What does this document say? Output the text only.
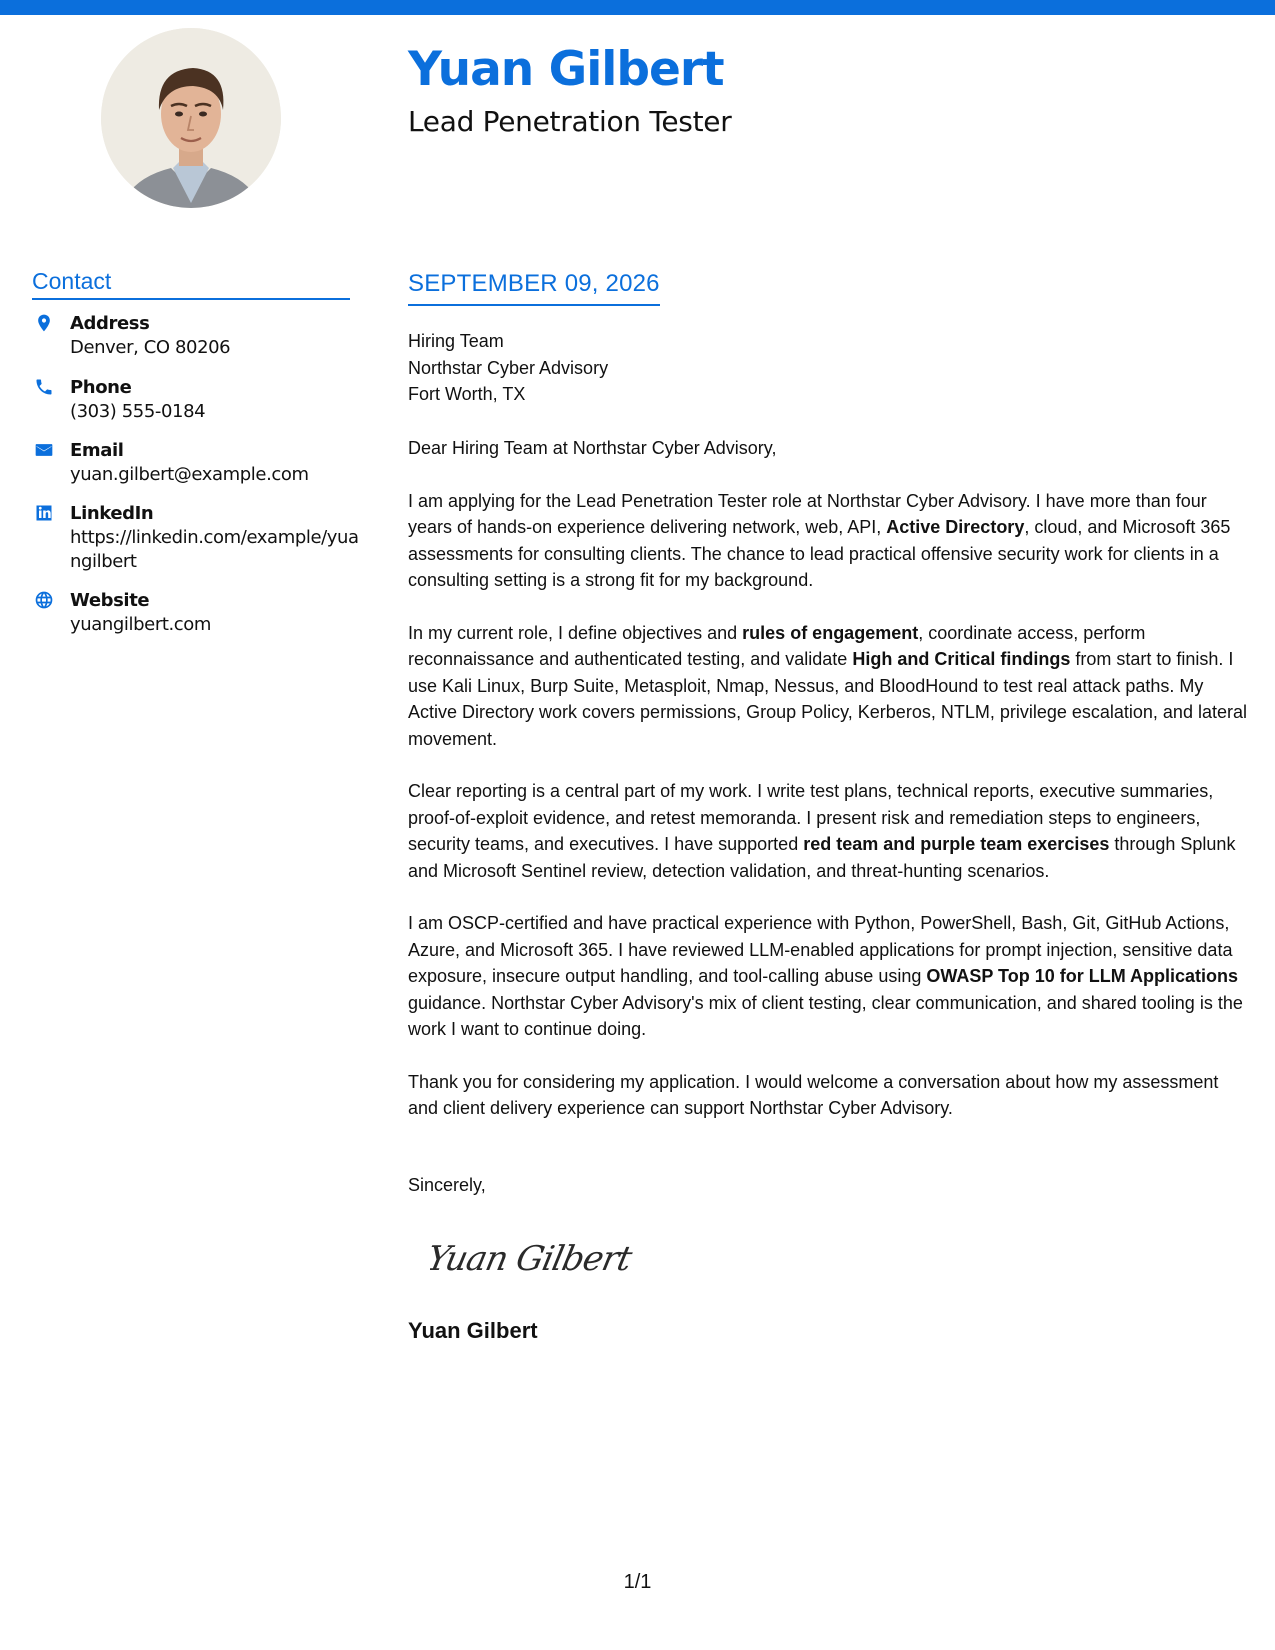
Yuan Gilbert
Lead Penetration Tester
Contact
Address
Denver, CO 80206
Phone
(303) 555-0184
Email
yuan.gilbert@example.com
LinkedIn
https://linkedin.com/example/yuangilbert
Website
yuangilbert.com
SEPTEMBER 09, 2026
Hiring Team
Northstar Cyber Advisory
Fort Worth, TX

Dear Hiring Team at Northstar Cyber Advisory,

I am applying for the Lead Penetration Tester role at Northstar Cyber Advisory. I have more than four years of hands-on experience delivering network, web, API, Active Directory, cloud, and Microsoft 365 assessments for consulting clients. The chance to lead practical offensive security work for clients in a consulting setting is a strong fit for my background.

In my current role, I define objectives and rules of engagement, coordinate access, perform reconnaissance and authenticated testing, and validate High and Critical findings from start to finish. I use Kali Linux, Burp Suite, Metasploit, Nmap, Nessus, and BloodHound to test real attack paths. My Active Directory work covers permissions, Group Policy, Kerberos, NTLM, privilege escalation, and lateral movement.

Clear reporting is a central part of my work. I write test plans, technical reports, executive summaries, proof-of-exploit evidence, and retest memoranda. I present risk and remediation steps to engineers, security teams, and executives. I have supported red team and purple team exercises through Splunk and Microsoft Sentinel review, detection validation, and threat-hunting scenarios.

I am OSCP-certified and have practical experience with Python, PowerShell, Bash, Git, GitHub Actions, Azure, and Microsoft 365. I have reviewed LLM-enabled applications for prompt injection, sensitive data exposure, insecure output handling, and tool-calling abuse using OWASP Top 10 for LLM Applications guidance. Northstar Cyber Advisory's mix of client testing, clear communication, and shared tooling is the work I want to continue doing.

Thank you for considering my application. I would welcome a conversation about how my assessment and client delivery experience can support Northstar Cyber Advisory.

Sincerely,
Yuan Gilbert
Yuan Gilbert
1/1
